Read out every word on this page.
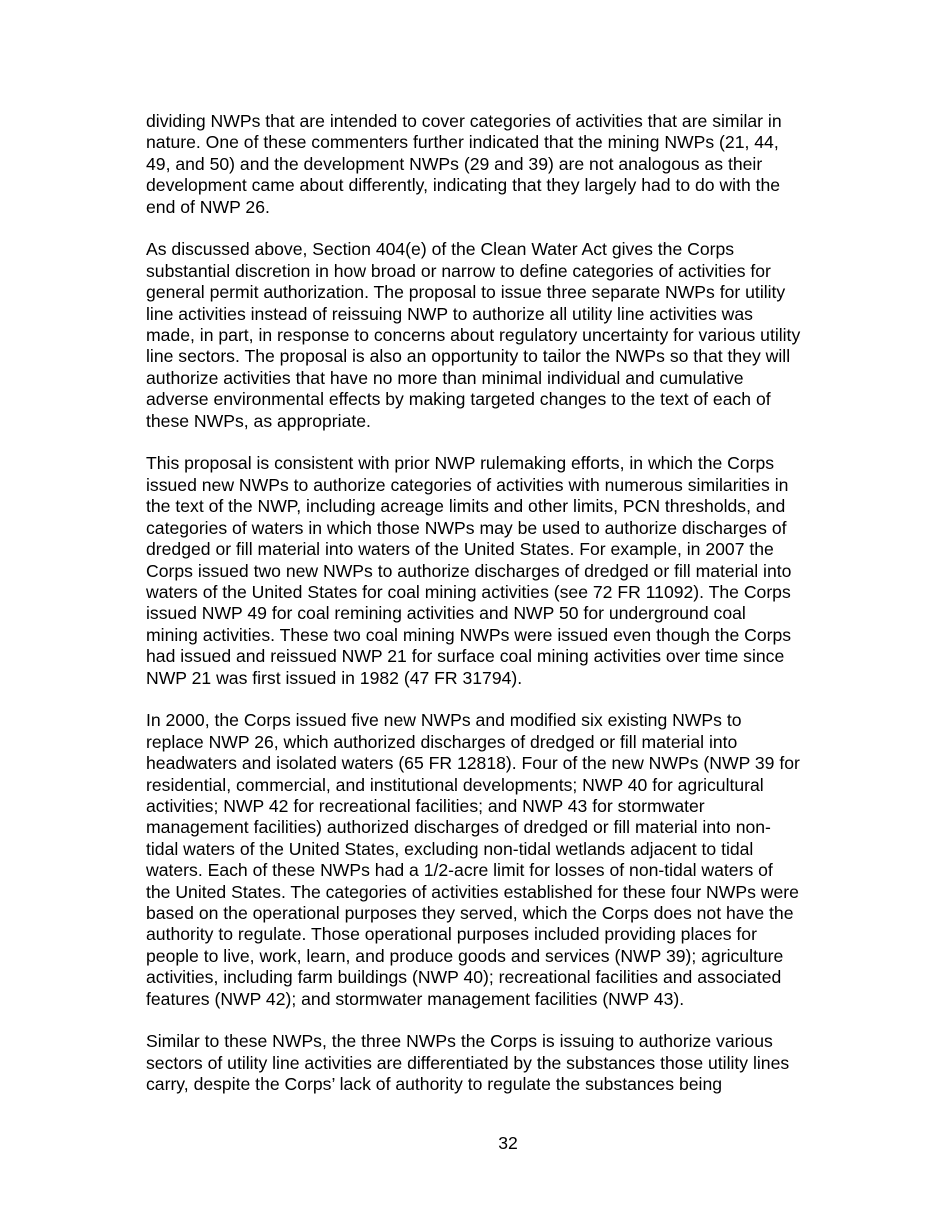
dividing NWPs that are intended to cover categories of activities that are similar in
nature. One of these commenters further indicated that the mining NWPs (21, 44,
49, and 50) and the development NWPs (29 and 39) are not analogous as their
development came about differently, indicating that they largely had to do with the
end of NWP 26.
As discussed above, Section 404(e) of the Clean Water Act gives the Corps
substantial discretion in how broad or narrow to define categories of activities for
general permit authorization. The proposal to issue three separate NWPs for utility
line activities instead of reissuing NWP to authorize all utility line activities was
made, in part, in response to concerns about regulatory uncertainty for various utility
line sectors. The proposal is also an opportunity to tailor the NWPs so that they will
authorize activities that have no more than minimal individual and cumulative
adverse environmental effects by making targeted changes to the text of each of
these NWPs, as appropriate.
This proposal is consistent with prior NWP rulemaking efforts, in which the Corps
issued new NWPs to authorize categories of activities with numerous similarities in
the text of the NWP, including acreage limits and other limits, PCN thresholds, and
categories of waters in which those NWPs may be used to authorize discharges of
dredged or fill material into waters of the United States. For example, in 2007 the
Corps issued two new NWPs to authorize discharges of dredged or fill material into
waters of the United States for coal mining activities (see 72 FR 11092). The Corps
issued NWP 49 for coal remining activities and NWP 50 for underground coal
mining activities. These two coal mining NWPs were issued even though the Corps
had issued and reissued NWP 21 for surface coal mining activities over time since
NWP 21 was first issued in 1982 (47 FR 31794).
In 2000, the Corps issued five new NWPs and modified six existing NWPs to
replace NWP 26, which authorized discharges of dredged or fill material into
headwaters and isolated waters (65 FR 12818). Four of the new NWPs (NWP 39 for
residential, commercial, and institutional developments; NWP 40 for agricultural
activities; NWP 42 for recreational facilities; and NWP 43 for stormwater
management facilities) authorized discharges of dredged or fill material into non-
tidal waters of the United States, excluding non-tidal wetlands adjacent to tidal
waters. Each of these NWPs had a 1/2-acre limit for losses of non-tidal waters of
the United States. The categories of activities established for these four NWPs were
based on the operational purposes they served, which the Corps does not have the
authority to regulate. Those operational purposes included providing places for
people to live, work, learn, and produce goods and services (NWP 39); agriculture
activities, including farm buildings (NWP 40); recreational facilities and associated
features (NWP 42); and stormwater management facilities (NWP 43).
Similar to these NWPs, the three NWPs the Corps is issuing to authorize various
sectors of utility line activities are differentiated by the substances those utility lines
carry, despite the Corps’ lack of authority to regulate the substances being
32
